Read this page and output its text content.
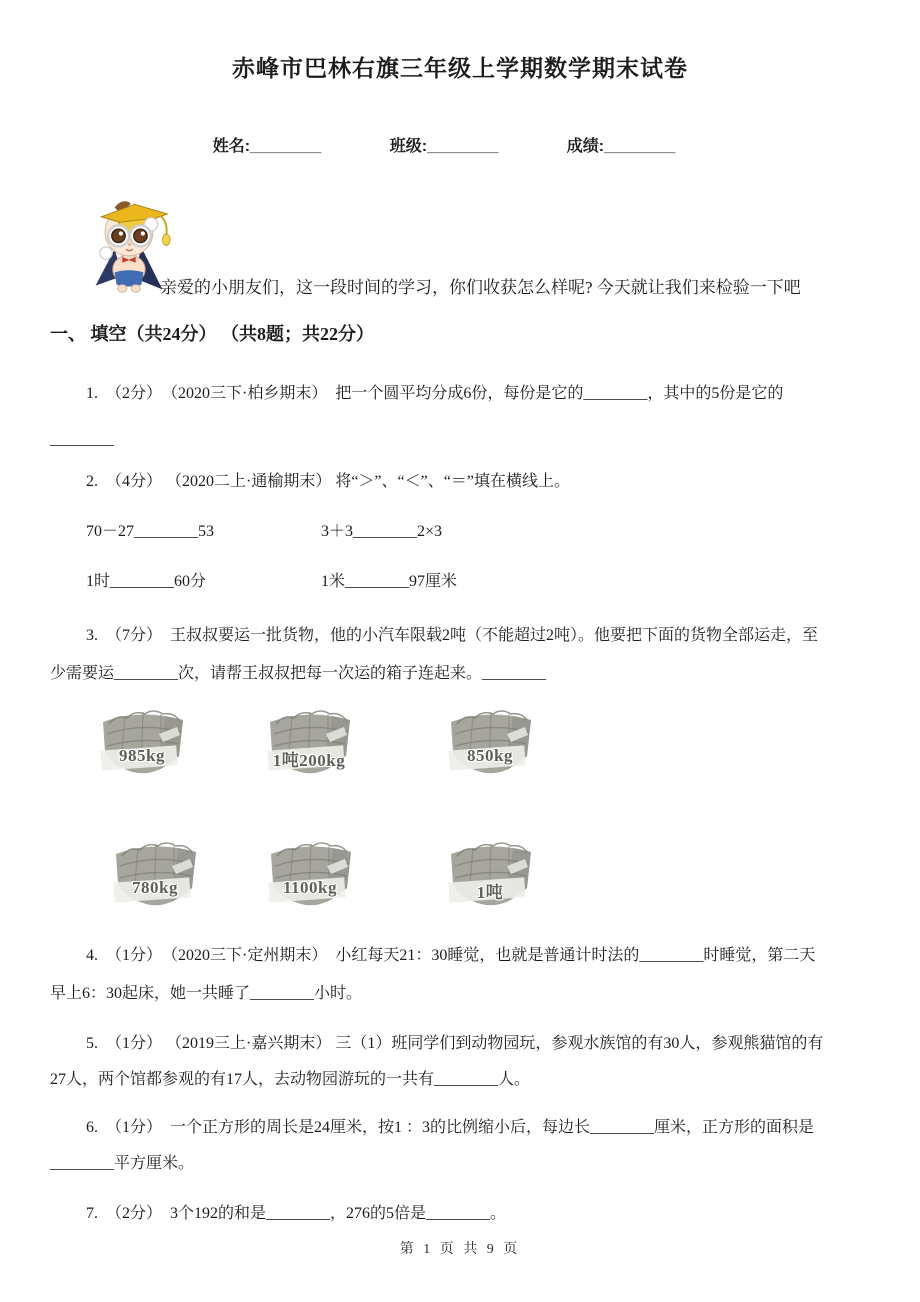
赤峰市巴林右旗三年级上学期数学期末试卷

姓名:________	班级:________	成绩:________

亲爱的小朋友们，这一段时间的学习，你们收获怎么样呢? 今天就让我们来检验一下吧
一、 填空（共24分） （共8题；共22分）

1.　（2分）　（2020三下·柏乡期末）　把一个圆平均分成6份，每份是它的________，其中的5份是它的

________

2.　（4分） （2020二上·通榆期末） 将“＞”、“＜”、“＝”填在横线上。

70－27________53	3＋3________2×3

1时________60分	1米________97厘米

3.　（7分）　王叔叔要运一批货物，他的小汽车限载2吨（不能超过2吨）。他要把下面的货物全部运走，至

少需要运________次，请帮王叔叔把每一次运的箱子连起来。________

985kg	1吨200kg	850kg
780kg	1100kg	1吨

4.　（1分）　（2020三下·定州期末）　小红每天21：30睡觉，也就是普通计时法的________时睡觉，第二天

早上6：30起床，她一共睡了________小时。

5.　（1分） （2019三上·嘉兴期末） 三（1）班同学们到动物园玩，参观水族馆的有30人，参观熊猫馆的有

27人，两个馆都参观的有17人，去动物园游玩的一共有________人。

6.　（1分）　一个正方形的周长是24厘米，按1 ：3的比例缩小后，每边长________厘米，正方形的面积是

________平方厘米。

7.　（2分）　3个192的和是________，276的5倍是________。

第 1 页 共 9 页
